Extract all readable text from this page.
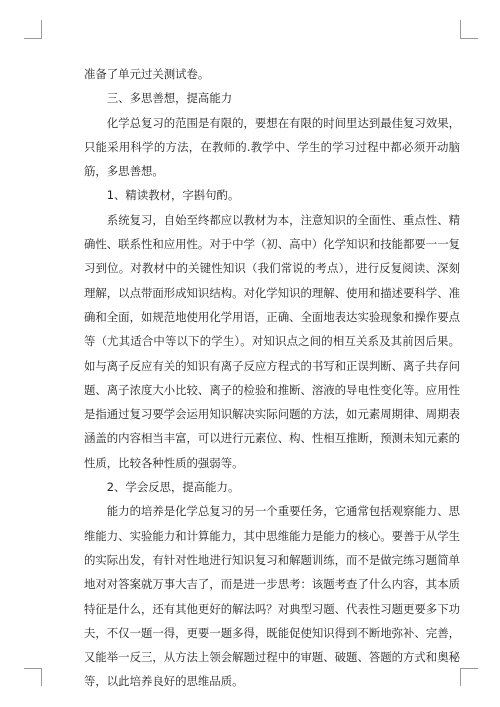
准备了单元过关测试卷。

三、多思善想，提高能力

化学总复习的范围是有限的，要想在有限的时间里达到最佳复习效果，只能采用科学的方法，在教师的.教学中、学生的学习过程中都必须开动脑筋，多思善想。

1、精读教材，字斟句酌。

系统复习，自始至终都应以教材为本，注意知识的全面性、重点性、精确性、联系性和应用性。对于中学（初、高中）化学知识和技能都要一一复习到位。对教材中的关键性知识（我们常说的考点），进行反复阅读、深刻理解，以点带面形成知识结构。对化学知识的理解、使用和描述要科学、准确和全面，如规范地使用化学用语，正确、全面地表达实验现象和操作要点等（尤其适合中等以下的学生）。对知识点之间的相互关系及其前因后果。如与离子反应有关的知识有离子反应方程式的书写和正误判断、离子共存问题、离子浓度大小比较、离子的检验和推断、溶液的导电性变化等。应用性是指通过复习要学会运用知识解决实际问题的方法，如元素周期律、周期表涵盖的内容相当丰富，可以进行元素位、构、性相互推断，预测未知元素的性质，比较各种性质的强弱等。

2、学会反思，提高能力。

能力的培养是化学总复习的另一个重要任务，它通常包括观察能力、思维能力、实验能力和计算能力，其中思维能力是能力的核心。要善于从学生的实际出发，有针对性地进行知识复习和解题训练，而不是做完练习题简单地对对答案就万事大吉了，而是进一步思考：该题考查了什么内容，其本质特征是什么，还有其他更好的解法吗？对典型习题、代表性习题更要多下功夫，不仅一题一得，更要一题多得，既能促使知识得到不断地弥补、完善，又能举一反三，从方法上领会解题过程中的审题、破题、答题的方式和奥秘等，以此培养良好的思维品质。
